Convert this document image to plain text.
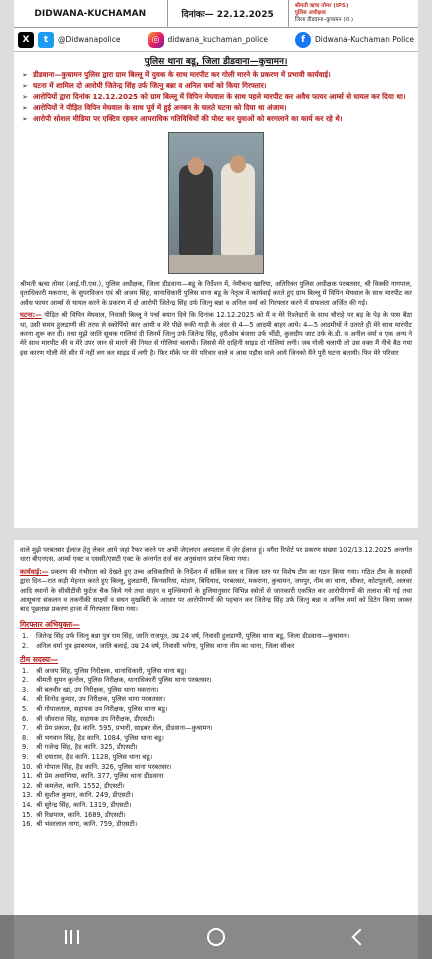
DIDWANA-KUCHAMAN	दिनांकः— 22.12.2025
श्रीमती ऋचा तोमर (IPS)
पुलिस अधीक्षक
जिला डीडवाना–कुचामन (रा.)
X	t	@Didwanapolice	◎	didwana_kuchaman_police	f	Didwana-Kuchaman Police
पुलिस थाना बडू, जिला डीडवाना—कुचामन।
➢ डीडवाना—कुचामन पुलिस द्वारा ग्राम बिल्लू में युवक के साथ मारपीट कर गोली मारने के प्रकरण में प्रभावी कार्यवाई।
➢ घटना में शामिल दो आरोपी जितेन्द्र सिंह उर्फ जित्नु बन्ना व अनिल वर्मा को किया गिरफ्तार।
➢ आरोपियों द्वारा दिनांक 12.12.2025 को ग्राम बिल्लू में विपिन मेघवाल के साथ पहले मारपीट कर अवैध फायर आर्म्स से घायल कर दिया था।
➢ आरोपियों ने पीड़ित विपिन मेघवाल के साथ पूर्व में हुई अनबन के चलते घटना को दिया था अंजाम।
➢ आरोपी सोशल मीडिया पर एक्टिव रहकर आपराधिक गतिविधियों की पोस्ट कर युवाओं को बरगलाने का कार्य कर रहे थे।

श्रीमती ऋचा तोमर (आई.पी.एस.), पुलिस अधीक्षक, जिला डीडवाना—बडू के निर्देशन में, नेमीचन्द खारिया, अतिरिक्त पुलिस अधीक्षक परबतसर, श्री विक्की नागपाल, वृताधिकारी मकराना, के सुपरविजन एवं श्री अजय सिंह, थानाधिकारी पुलिस थाना बडू के नेतृत्व में कार्यवाई करते हुए ग्राम बिल्लू में विपिन मेघवाल के साथ मारपीट कर अवैध फायर आर्म्स से घायल करने के प्रकरण में दो आरोपी जितेन्द्र सिंह उर्फ जित्नु बन्ना व अनिल वर्मा को गिरफ्तार करने में सफलता अर्जित की गई।

घटना:— पीड़ित श्री विपिन मेघवाल, निवासी बिल्लू ने पर्चा बयान दिये कि दिनांक 12.12.2025 को मैं व मेरे रिश्तेदारों के साथ चौराहे पर बड़ के पेड़ के पास बैठा था, उसी समय हुलडाणी की तरफ से स्कोर्पियो कार आयी व मेरे पीछे रूकी गाड़ी के अंदर से 4—5 आदमी बाहर आये। 4—5 आदमीयों ने उतरते ही मेरे साथ मारपीट करना शुरू कर दी। तथा मुझे जाति सूचक गालियां दी जिनमें जित्नु उर्फ जितेन्द्र सिंह, हरीओम बंजारा उर्फ भींडी, कुलदीप जाट उर्फ के.डी. व अनील वर्मा व एक अन्य ने मेरे साथ मारपीट की व मेरे उपर जान से मारने की नियत से गोलियां चलायी। जिससे मेरे दाहिनी साइड दो गोलियां लगी। जब गोली चलायी तो उस वक्त मैं नीचे बैठ गया इस कारण गोली मेरे सीर में नहीं लग कर साइड में लगी है। फिर मौके पर मेरे परिवार वाले व आस पड़ौस वाले आये जिनको मैंने पूरी घटना बतायी। फिर मेरे परिवार

वाले मुझे परबतसर ईलाज हेतु लेकर आये जहां रैफर करने पर अभी जेएलएन अस्पताल में ज़ेर ईलाज हूं। वगैरा रिपोर्ट पर प्रकरण संख्या 102/13.12.2025 अन्तर्गत धारा बीएनएस, आर्म्स एक्ट व एससी/एसटी एक्ट के अन्तर्गत दर्ज कर अनुसंधान प्रारंभ किया गया।

कार्यवाई:— प्रकरण की गंभीरता को देखते हुए उच्च अधिकारियों के निर्देशन में सर्किल स्तर व जिला स्तर पर विशेष टीम का गठन किया गया। गठित टीम के सदस्यों द्वारा दिन—रात कड़ी मेहनत करते हुए बिल्लू, हुलडाणी, किनसरिया, मांडण, बिदियाद, परबतसर, मकराना, कुचामन, जयपुर, नीम का थाना, सीकर, कोटपूतली, अलवर आदि स्थानों के सीसीटीवी फुटेज चैक किये गये तथा वाहन व मुल्जिमानों के हुलियानुसार विभिन्न स्त्रोतों से जानकारी एकत्रित कर आरोपीगणों की तलाश की गई तथा आसूचना संकलन व तकनीकी साक्ष्यों व सघन मुखबिरी के आधार पर आरोपीगणों की पहचान कर जितेन्द्र सिंह उर्फ जित्नु बन्ना व अनिल वर्मा को डिटेन किया जाकर बाद पूछताछ प्रकरण हाजा में गिरफ्तार किया गया।

गिरफ्तार अभियुक्तः—
1.	जितेन्द्र सिंह उर्फ जित्नु बन्ना पुत्र राम सिंह, जाति राजपूत, उम्र 24 वर्ष, निवासी हुलडाणी, पुलिस थाना बडू, जिला डीडवाना—कुचामन।
2.	अनिल वर्मा पुत्र झाबरमल, जाति बलाई, उम्र 24 वर्ष, निवासी भगेगा, पुलिस थाना नीम का थाना, जिला सीकर
टीम सदस्यः—
1.	श्री अजय सिंह, पुलिस निरीक्षक, थानाधिकारी, पुलिस थाना बडू।
2.	श्रीमती सुमन कुन्तेल, पुलिस निरीक्षक, थानाधिकारी पुलिस थाना परबतसर।
3.	श्री बलवीर खां, उप निरीक्षक, पुलिस थाना मकराना।
4.	श्री विनोद कुमार, उप निरीक्षक, पुलिस थाना परबतसर।
5.	श्री गोपालताल, सहायक उप निरीक्षक, पुलिस थाना बडू।
6.	श्री जीवराज सिंह, सहायक उप निरीक्षक, डीएसटी।
7.	श्री प्रेम प्रकाश, हैड कानि. 595, प्रभारी, साइबर सेल, डीडवाना—कुचामन।
8.	श्री भगवान सिंह, हैड कानि. 1084, पुलिस थाना बडू।
9.	श्री गजेन्द्र सिंह, हैड कानि. 325, डीएसटी।
9.	श्री दयाराम, हैड कानि. 1128, पुलिस थाना बडू।
10. श्री गोपाल सिंह, हैड कानि. 326, पुलिस थाना परबतसर।
11. श्री प्रेम अवाणिया, कानि. 377, पुलिस थाना डीडवाना
12. श्री कमलेश, कानि. 1552, डीएसटी।
13. श्री सुशील कुमार, कानि. 249, डीएसटी।
14. श्री सुरेन्द्र सिंह, कानि. 1319, डीएसटी।
15. श्री रिछपाल, कानि. 1689, डीएसटी।
16. श्री भंवरलाल नागा, कानि. 759, डीएसटी।
